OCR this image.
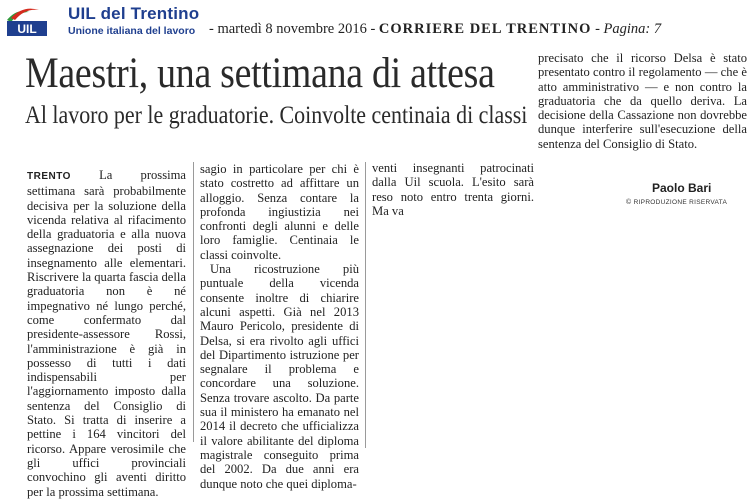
UIL
UIL del Trentino
Unione italiana del lavoro - martedì 8 novembre 2016 - CORRIERE DEL TRENTINO - Pagina: 7
Maestri, una settimana di attesa
Al lavoro per le graduatorie. Coinvolte centinaia di classi

TRENTO La prossima settimana sarà probabilmente decisiva per la soluzione della vicenda relativa al rifacimento della graduatoria e alla nuova assegnazione dei posti di insegnamento alle elementari. Riscrivere la quarta fascia della graduatoria non è né impegnativo né lungo perché, come confermato dal presidente-assessore Rossi, l'amministrazione è già in possesso di tutti i dati indispensabili per l'aggiornamento imposto dalla sentenza del Consiglio di Stato. Si tratta di inserire a pettine i 164 vincitori del ricorso. Appare verosimile che gli uffici provinciali convochino gli aventi diritto per la prossima settimana.

sagio in particolare per chi è stato costretto ad affittare un alloggio. Senza contare la profonda ingiustizia nei confronti degli alunni e delle loro famiglie. Centinaia le classi coinvolte.

Una ricostruzione più puntuale della vicenda consente inoltre di chiarire alcuni aspetti. Già nel 2013 Mauro Pericolo, presidente di Delsa, si era rivolto agli uffici del Dipartimento istruzione per segnalare il problema e concordare una soluzione. Senza trovare ascolto. Da parte sua il ministero ha emanato nel 2014 il decreto che ufficializza il valore abilitante del diploma magistrale conseguito prima del 2002. Da due anni era dunque noto che quei diploma-

venti insegnanti patrocinati dalla Uil scuola. L'esito sarà reso noto entro trenta giorni. Ma va

precisato che il ricorso Delsa è stato presentato contro il regolamento — che è atto amministrativo — e non contro la graduatoria che da quello deriva. La decisione della Cassazione non dovrebbe dunque interferire sull'esecuzione della sentenza del Consiglio di Stato.

Paolo Bari
© RIPRODUZIONE RISERVATA
